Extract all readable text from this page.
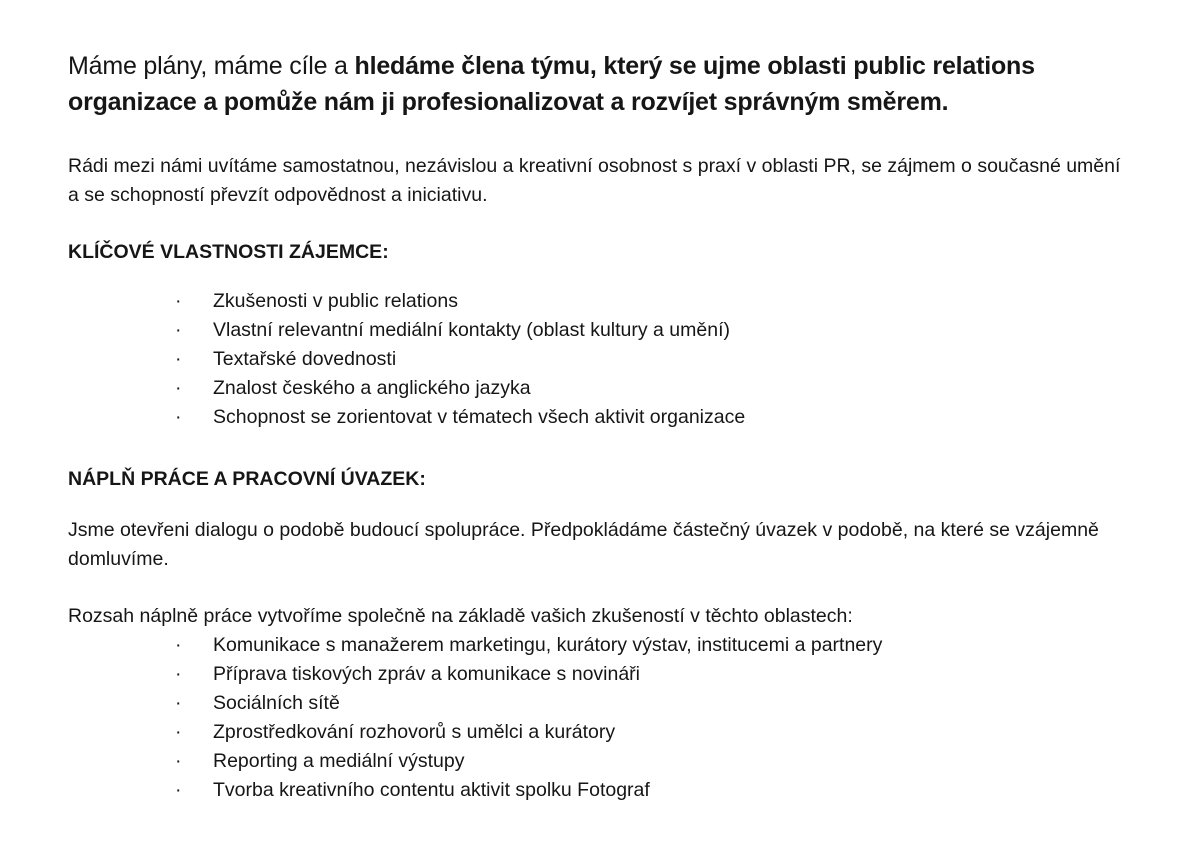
Máme plány, máme cíle a hledáme člena týmu, který se ujme oblasti public relations organizace a pomůže nám ji profesionalizovat a rozvíjet správným směrem.

Rádi mezi námi uvítáme samostatnou, nezávislou a kreativní osobnost s praxí v oblasti PR, se zájmem o současné umění a se schopností převzít odpovědnost a iniciativu.

KLÍČOVÉ VLASTNOSTI ZÁJEMCE:
·	Zkušenosti v public relations
·	Vlastní relevantní mediální kontakty (oblast kultury a umění)
·	Textařské dovednosti
·	Znalost českého a anglického jazyka
·	Schopnost se zorientovat v tématech všech aktivit organizace
NÁPLŇ PRÁCE A PRACOVNÍ ÚVAZEK:

Jsme otevřeni dialogu o podobě budoucí spolupráce. Předpokládáme částečný úvazek v podobě, na které se vzájemně domluvíme.

Rozsah náplně práce vytvoříme společně na základě vašich zkušeností v těchto oblastech:

·	Komunikace s manažerem marketingu, kurátory výstav, institucemi a partnery
·	Příprava tiskových zpráv a komunikace s novináři
·	Sociálních sítě
·	Zprostředkování rozhovorů s umělci a kurátory
·	Reporting a mediální výstupy
·	Tvorba kreativního contentu aktivit spolku Fotograf
